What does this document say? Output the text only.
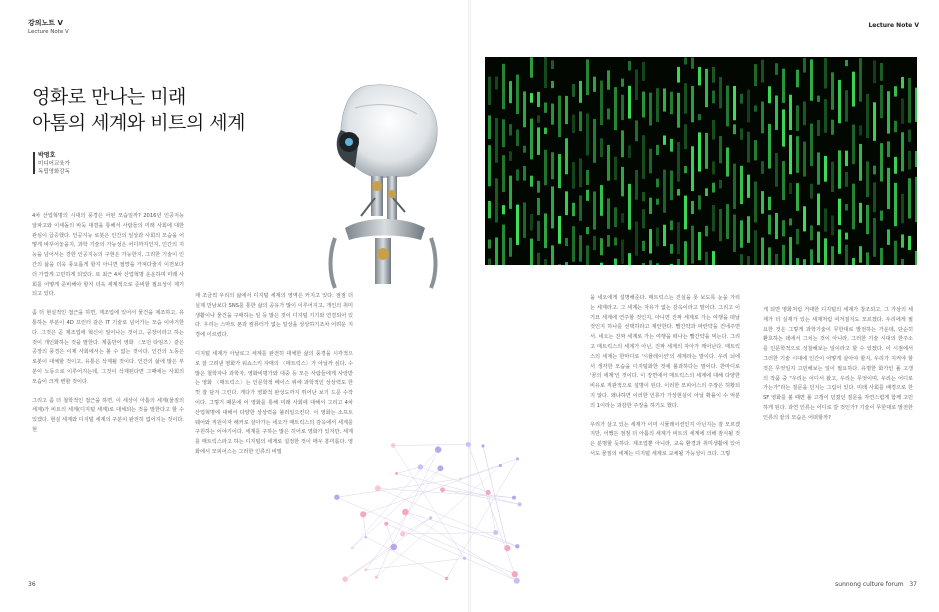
강의노트 V
Lecture Note V
Lecture Note V
영화로 만나는 미래
아톰의 세계와 비트의 세계
박명호
미디어교육가
독립영화감독

4차 산업혁명의 시대의 풍경은 어떤 모습일까? 2016년 인공지능 알파고와 이세돌의 바둑 대결을 통해서 사람들의 미래 사회에 대한 관심이 급증했다. 인공지능 로봇은 인간의 일상과 사회의 모습을 어떻게 바꾸어놓을지, 과학 기술의 가능성은 어디까지인지, 인간의 지능을 넘어서는 강한 인공지능의 구현은 가능한지, 그리한 기술이 인간의 삶을 더욱 풍요롭게 할지 아니면 절망을 가져다줄지 이전보다 더 가깝게 고민하게 되었다. 또 최근 4차 산업혁명 운운하며 미래 사회를 어떻게 준비해야 할지 더욱 세계적으로 준비할 필요성이 제기되고 있다.

좀 더 현실적인 접근을 하면, 제조업에 있어서 물건을 제조하고, 유통하는 부분이 4D 프린터 같은 IT 기술로 넘어가는 모습 이야기한다. 그것은 곧 제조업에 혁신이 일어나는 것이고, 공장이라고 하는 것이 개인화하는 것을 말한다. 제품만이 영화 〈모던 타임즈〉같은 공장의 풍경은 이제 사회에서는 볼 수 없는 것이다. 인간의 노동은 로봇이 대체할 것이고, 유통은 삭제될 것이다. 인간의 삶에 많은 부분이 노동으로 이루어지는데, 그것이 삭제된다면 그때에는 사회의 모습이 크게 변할 것이다.

그리고 좀 더 철학적인 접근을 하면, 이 세상이 아톰의 세계(물질의 세계)가 비트의 세계(디지털 세계)로 대체되는 것을 말한다고 할 수 있겠다. 현실 세계와 디지털 세계의 구분이 완전히 없어지는 것이다. 현

재 조금씩 우리의 삶에서 디지털 세계의 영역은 커지고 있다. 점점 더 실제 만남보다 SNS를 통한 삶의 공유가 많이 이루어지고, 개인의 취미 생활이나 물건을 구매하는 일 등 많은 것이 디지털 기기와 연결되어 있다. 우리는 스마트 폰과 컴퓨터가 없는 일상을 상상하기조차 어려운 지경에 이르렀다.

디지털 세계가 아날로그 세계를 완전히 대체한 삶의 풍경을 시각적으로 잘 그려낸 영화가 워쇼스키 자매의 〈매트릭스〉가 아닐까 싶다. 수많은 철학자나 과학자, 영화비평가와 대중 등 모든 사람들에게 사랑받는 영화 〈매트릭스〉는 인문학적 베이스 위에 과학적인 상상력도 한껏 잘 담겨 그린다. 게다가 영화적 완성도까지 뛰어난 보기 드문 수작이다. 그렇기 때문에 이 영화를 통해 미래 사회에 대해서 그리고 4차 산업혁명에 대해서 다양한 상상력을 불러일으킨다. 이 영화는 소프트웨어와 직원이자 해커로 살아가는 네오가 매트릭스의 감옥에서 세계를 구원하는 이야기이다. 세계를 구하는 많은 히어로 영화가 있지만, 세계를 매트릭스라고 하는 디지털의 세계로 설정한 것이 매우 흥미롭다. 영화에서 모피어스는 그러한 인류의 비밀

을 네오에게 설명해준다. 매트릭스는 진실을 못 보도록 눈을 가리는 세계라고. 그 세계는 자유가 없는 감옥이라고 말이다. 그리고 이 기묘 세계에 연주할 것인지, 아니면 진짜 세계로 가는 여행을 떠날 것인지 하나를 선택하라고 제안한다. 빨간약과 파란약을 건네주면서. 네오는 진짜 세계로 가는 여행을 떠나는 빨간약을 먹는다. 그리고 매트릭스의 세계가 아닌, 진짜 세계의 자아가 깨어난다. 매트릭스의 세계는 한마디로 '시뮬레이션'의 세계라는 말이다. 우리 뇌에서 생각한 모습을 디지털화한 것에 불과하다는 말이다. 한마디로 '꿈의 세계'인 것이다. 이 장면에서 매트릭스의 세계에 대해 다양한 비유로 직관적으로 설명이 된다. 이러한 모피어스의 주장은 허황되지 않다. 왜냐하면 이러한 인류가 가상현실이 아닐 확률이 수 억분의 1이라는 과감한 주장을 하기도 했다.

우리가 살고 있는 세계가 이미 시뮬레이션인지 아닌지는 잘 모르겠지만, 어쨌든 점점 더 아톰의 세계가 비트의 세계에 의해 잠식될 것은 분명할 듯하다. 제조업뿐 아니라, 교육 환경과 취미생활에 있어서도 물질의 세계는 디지털 세계로 교체될 가능성이 크다. 그렇

게 되면 영화처럼 거대한 디지털의 세계가 창조되고, 그 가상의 세계가 더 실재가 있는 세계처럼 여겨질지도 모르겠다. 우리에게 필요한 것은 그렇게 과학기술이 무한대로 발전하는 가운데, 단순히 환호하는 데에서 그치는 것이 아니라, 그러한 기술 시대의 한주소를 인문학적으로 성찰해보는 일이라고 할 수 있겠다. 이 시점에서 그러한 기술 시대에 인간이 어떻게 살아야 할지, 우리가 지켜야 할 것은 무엇일지 고민해보는 일이 필요하다. 유명한 화가인 폴 고갱의 작품 중 "우리는 어디서 왔고, 우리는 무엇이며, 우리는 어디로 가는가"라는 질문을 던지는 그림이 있다. 미래 사회를 배경으로 한 SF 영화를 볼 때면 폴 고갱이 던졌던 질문을 자연스럽게 함께 고민하게 된다. 과연 인류는 어디로 갈 것인가? 기술이 무한대로 발전한 인류의 끝의 모습은 어떠할까?

36	sunnong culture forum 37
